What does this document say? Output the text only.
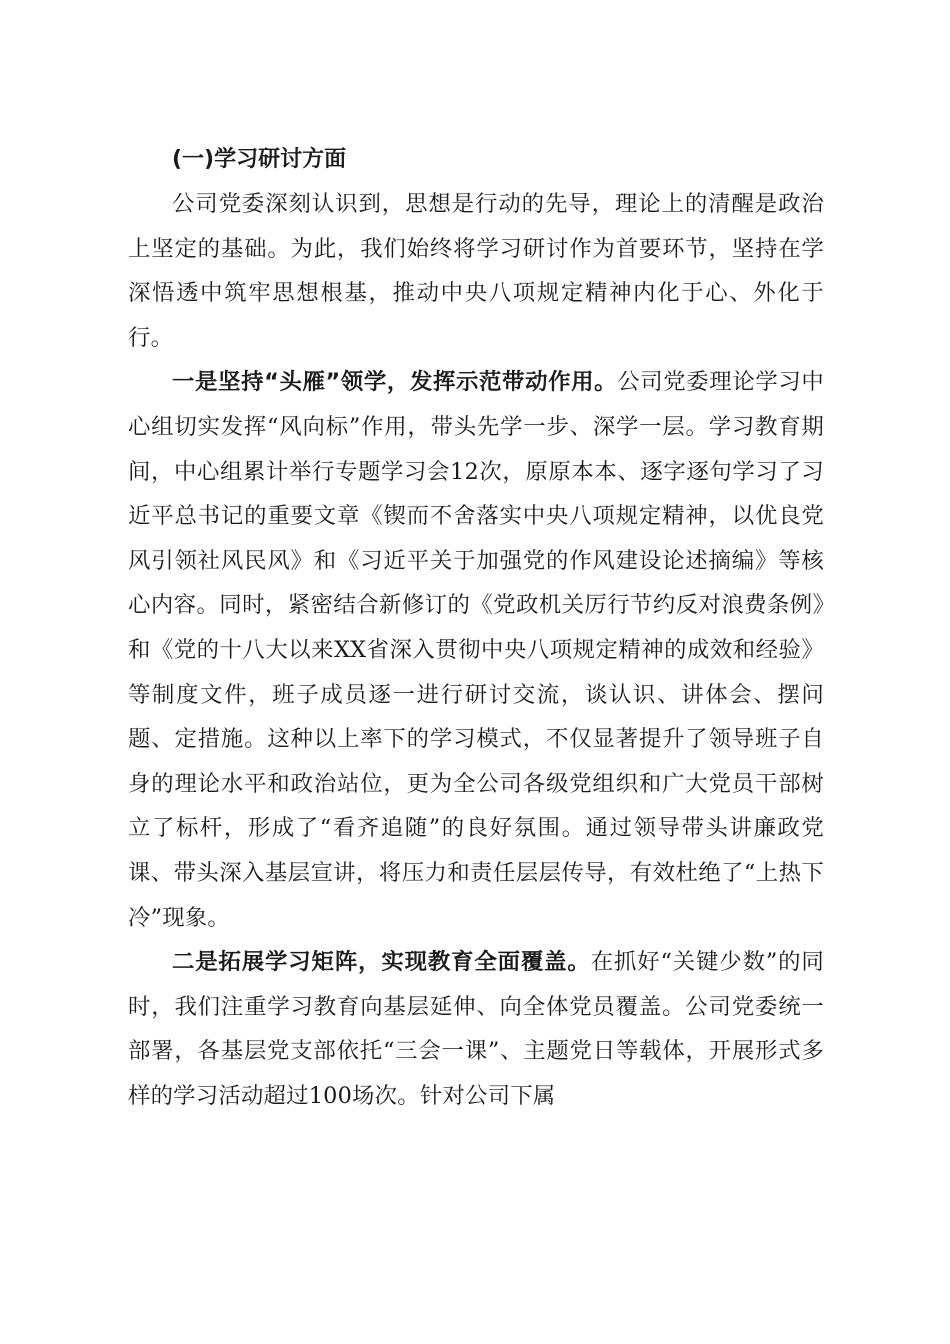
(一)学习研讨方面

公司党委深刻认识到，思想是行动的先导，理论上的清醒是政治上坚定的基础。为此，我们始终将学习研讨作为首要环节，坚持在学深悟透中筑牢思想根基，推动中央八项规定精神内化于心、外化于行。

一是坚持“头雁”领学，发挥示范带动作用。公司党委理论学习中心组切实发挥“风向标”作用，带头先学一步、深学一层。学习教育期间，中心组累计举行专题学习会12次，原原本本、逐字逐句学习了习近平总书记的重要文章《锲而不舍落实中央八项规定精神，以优良党风引领社风民风》和《习近平关于加强党的作风建设论述摘编》等核心内容。同时，紧密结合新修订的《党政机关厉行节约反对浪费条例》和《党的十八大以来XX省深入贯彻中央八项规定精神的成效和经验》等制度文件，班子成员逐一进行研讨交流，谈认识、讲体会、摆问题、定措施。这种以上率下的学习模式，不仅显著提升了领导班子自身的理论水平和政治站位，更为全公司各级党组织和广大党员干部树立了标杆，形成了“看齐追随”的良好氛围。通过领导带头讲廉政党课、带头深入基层宣讲，将压力和责任层层传导，有效杜绝了“上热下冷”现象。

二是拓展学习矩阵，实现教育全面覆盖。在抓好“关键少数”的同时，我们注重学习教育向基层延伸、向全体党员覆盖。公司党委统一部署，各基层党支部依托“三会一课”、主题党日等载体，开展形式多样的学习活动超过100场次。针对公司下属
